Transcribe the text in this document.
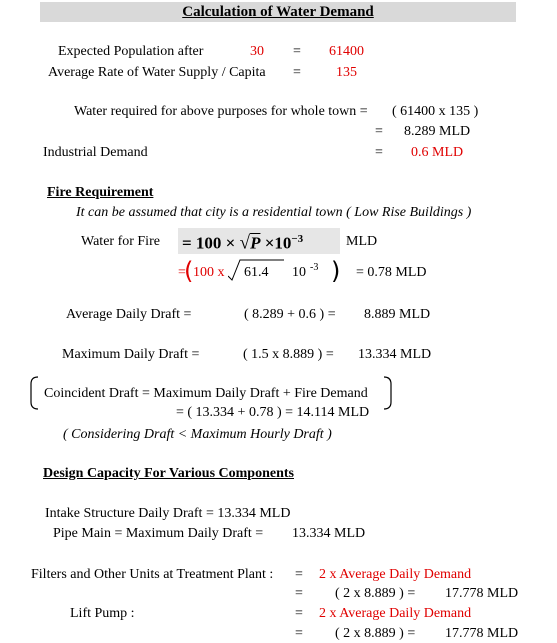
Calculation of Water Demand
Expected Population after	30 = 61400
Average Rate of Water Supply / Capita =	135
Water required for above purposes for whole town = ( 61400 x 135 )
= 8.289 MLD
Industrial Demand	= 0.6 MLD
Fire Requirement
It can be assumed that city is a residential town ( Low Rise Buildings )
Water for Fire = $100 \times √P \times 10^{-3}$	MLD
=
( 100 x 61.4 10 -3 ) = 0.78 MLD
Average Daily Draft =	( 8.289 + 0.6 ) = 8.889 MLD
Maximum Daily Draft =	( 1.5 x 8.889 ) = 13.334 MLD
Coincident Draft = Maximum Daily Draft + Fire Demand
= ( 13.334 + 0.78 ) = 14.114 MLD
( Considering Draft < Maximum Hourly Draft )
Design Capacity For Various Components
Intake Structure Daily Draft = 13.334 MLD
Pipe Main = Maximum Daily Draft = 13.334 MLD
Filters and Other Units at Treatment Plant : = 2 x Average Daily Demand
= ( 2 x 8.889 ) = 17.778 MLD
Lift Pump :	= 2 x Average Daily Demand
= ( 2 x 8.889 ) = 17.778 MLD
